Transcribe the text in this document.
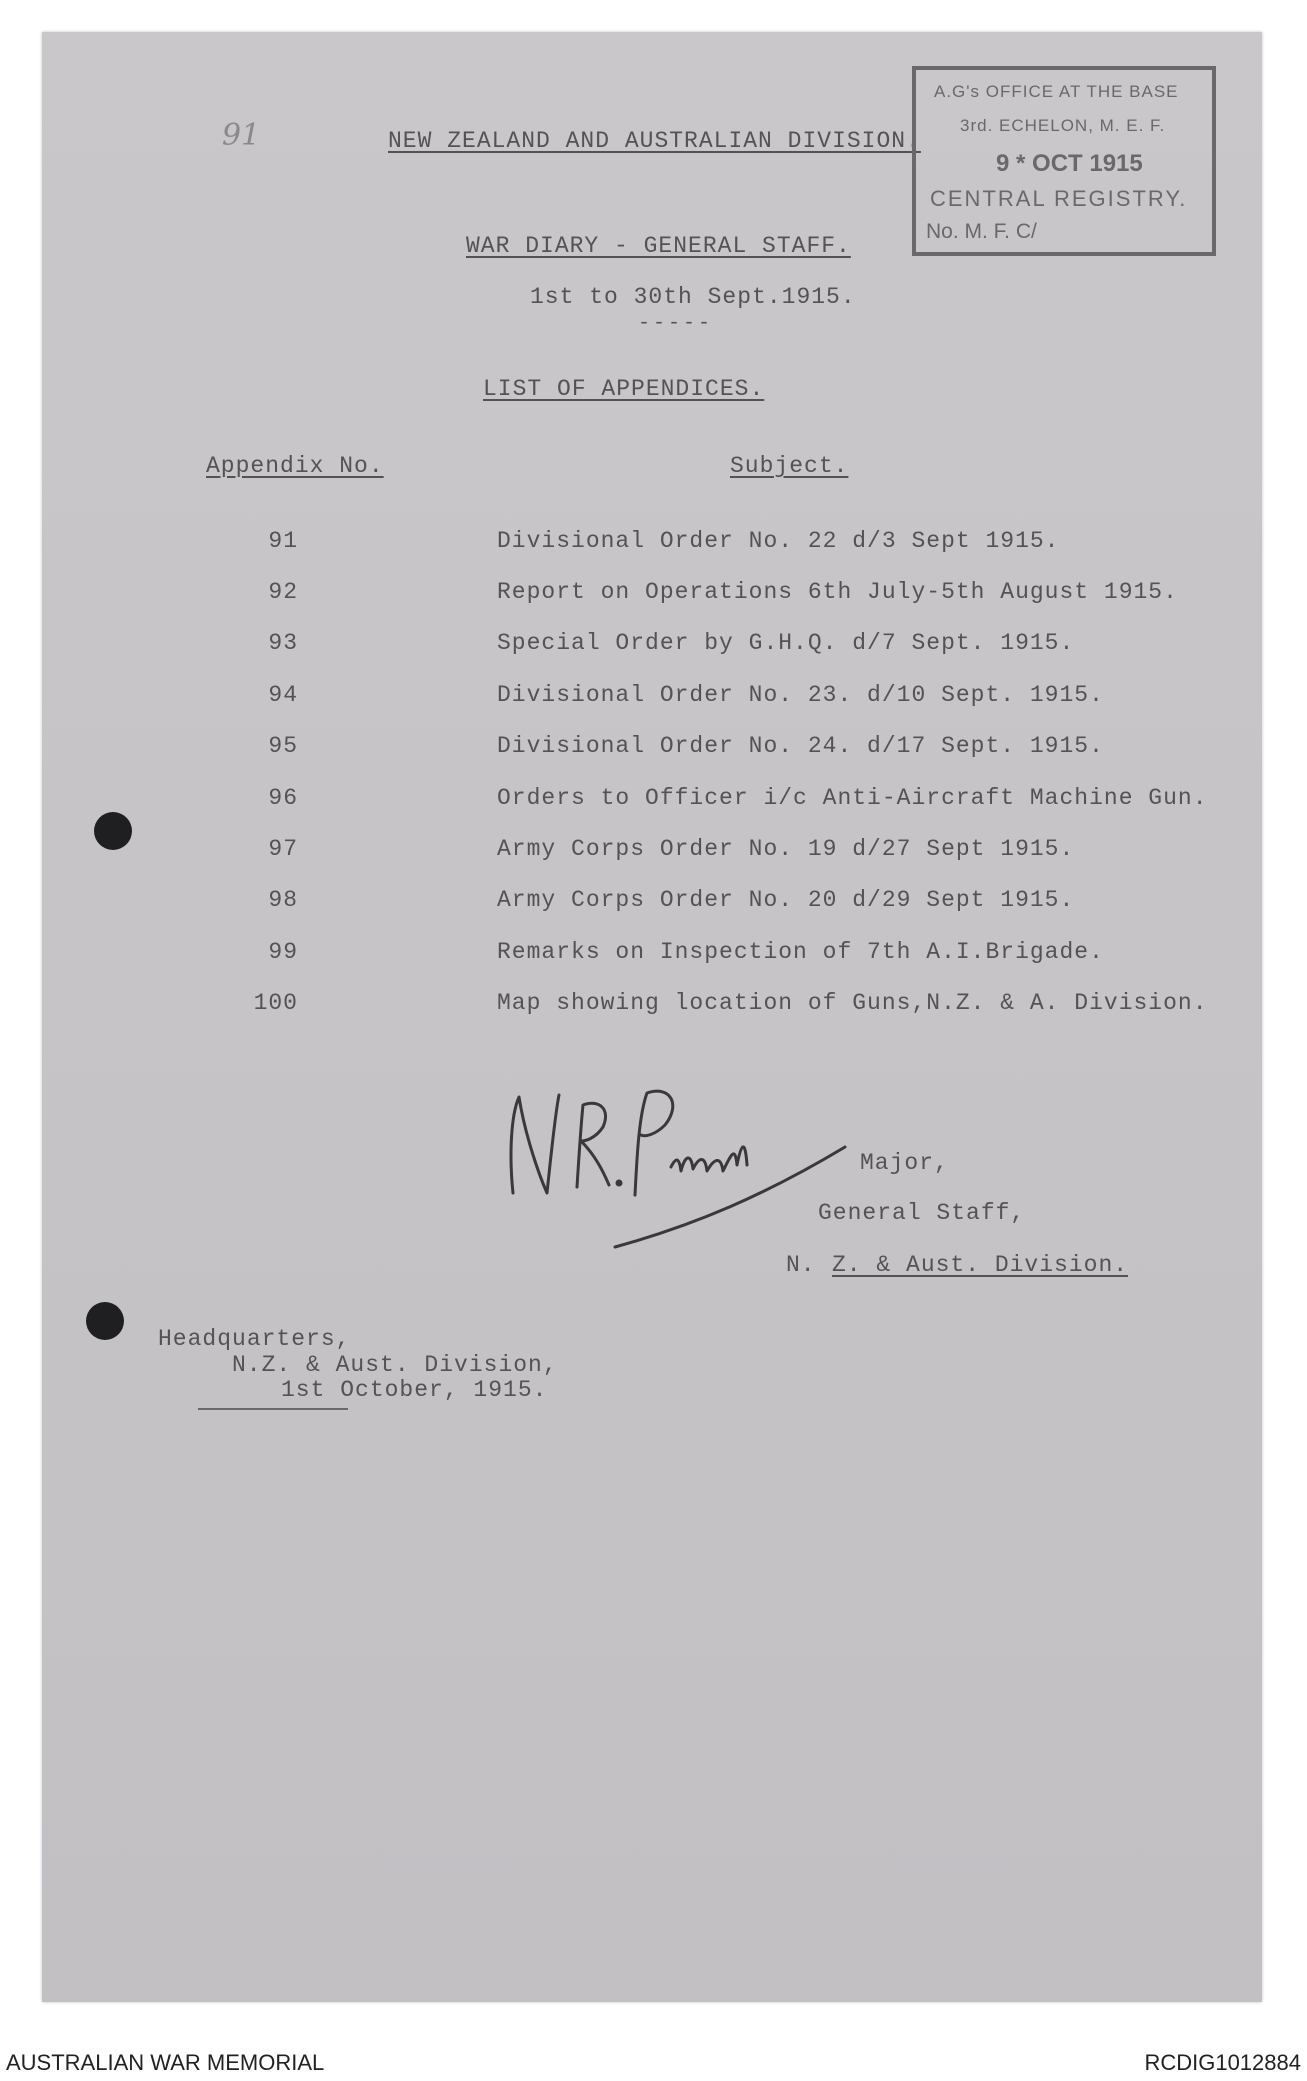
91	NEW ZEALAND AND AUSTRALIAN DIVISION.
A.G's OFFICE AT THE BASE
3rd. ECHELON, M. E. F.
9 * OCT 1915
CENTRAL REGISTRY.
No. M. F. C/
WAR DIARY - GENERAL STAFF.
1st to 30th Sept.1915.
-----
LIST OF APPENDICES.
Appendix No.	Subject.
91	Divisional Order No. 22 d/3 Sept 1915.
92	Report on Operations 6th July-5th August 1915.
93	Special Order by G.H.Q. d/7 Sept. 1915.
94	Divisional Order No. 23. d/10 Sept. 1915.
95	Divisional Order No. 24. d/17 Sept. 1915.
96	Orders to Officer i/c Anti-Aircraft Machine Gun.
97	Army Corps Order No. 19 d/27 Sept 1915.
98	Army Corps Order No. 20 d/29 Sept 1915.
99	Remarks on Inspection of 7th A.I.Brigade.
100	Map showing location of Guns,N.Z. & A. Division.
Major,
General Staff,
N. Z. & Aust. Division.
Headquarters,
N.Z. & Aust. Division,
1st October, 1915.
AUSTRALIAN WAR MEMORIAL	RCDIG1012884
